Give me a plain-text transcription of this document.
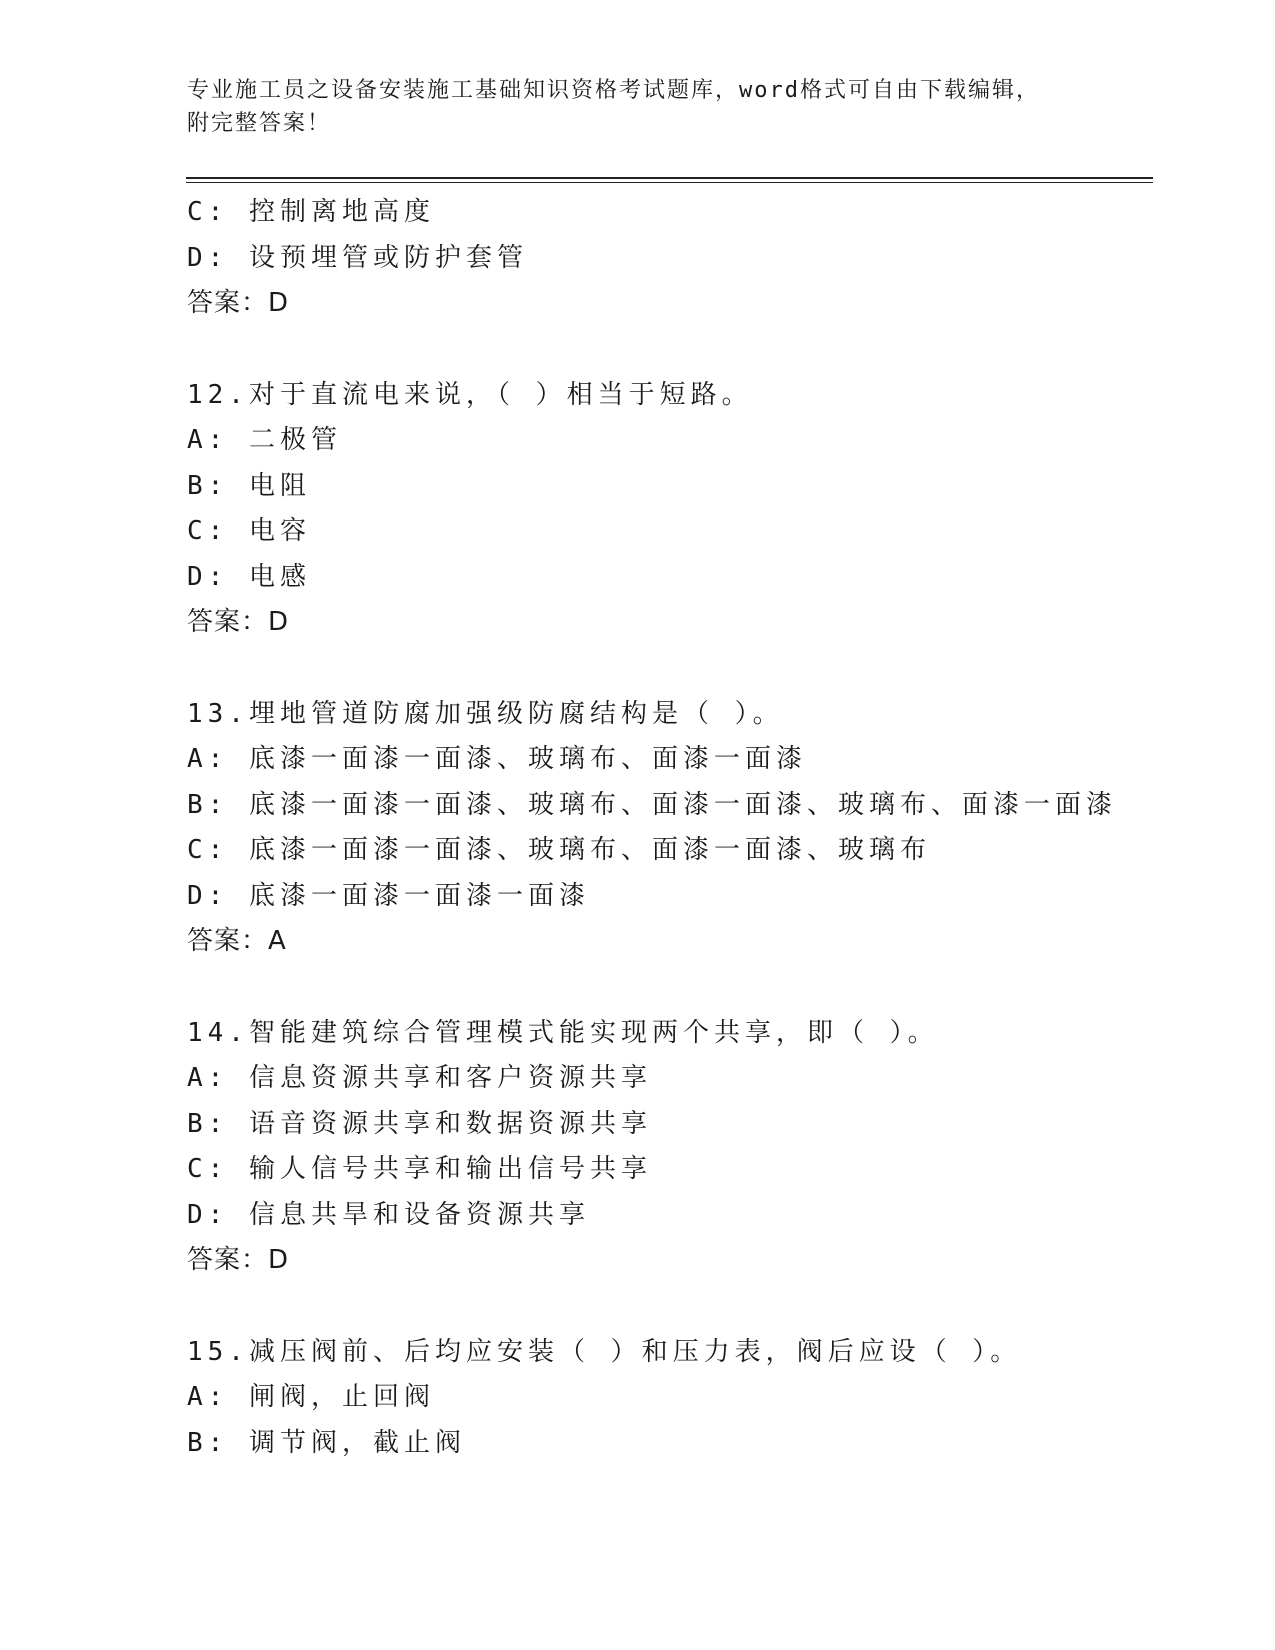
专业施工员之设备安装施工基础知识资格考试题库，word格式可自由下载编辑，
附完整答案！
C: 控制离地高度
D: 设预埋管或防护套管
答案：D
12.对于直流电来说，（ ）相当于短路。
A: 二极管
B: 电阻
C: 电容
D: 电感
答案：D
13.埋地管道防腐加强级防腐结构是（ ）。
A: 底漆一面漆一面漆、玻璃布、面漆一面漆
B: 底漆一面漆一面漆、玻璃布、面漆一面漆、玻璃布、面漆一面漆
C: 底漆一面漆一面漆、玻璃布、面漆一面漆、玻璃布
D: 底漆一面漆一面漆一面漆
答案：A
14.智能建筑综合管理模式能实现两个共享，即（ ）。
A: 信息资源共享和客户资源共享
B: 语音资源共享和数据资源共享
C: 输人信号共享和输出信号共享
D: 信息共旱和设备资源共享
答案：D
15.减压阀前、后均应安装（ ）和压力表，阀后应设（ ）。
A: 闸阀，止回阀
B: 调节阀，截止阀
